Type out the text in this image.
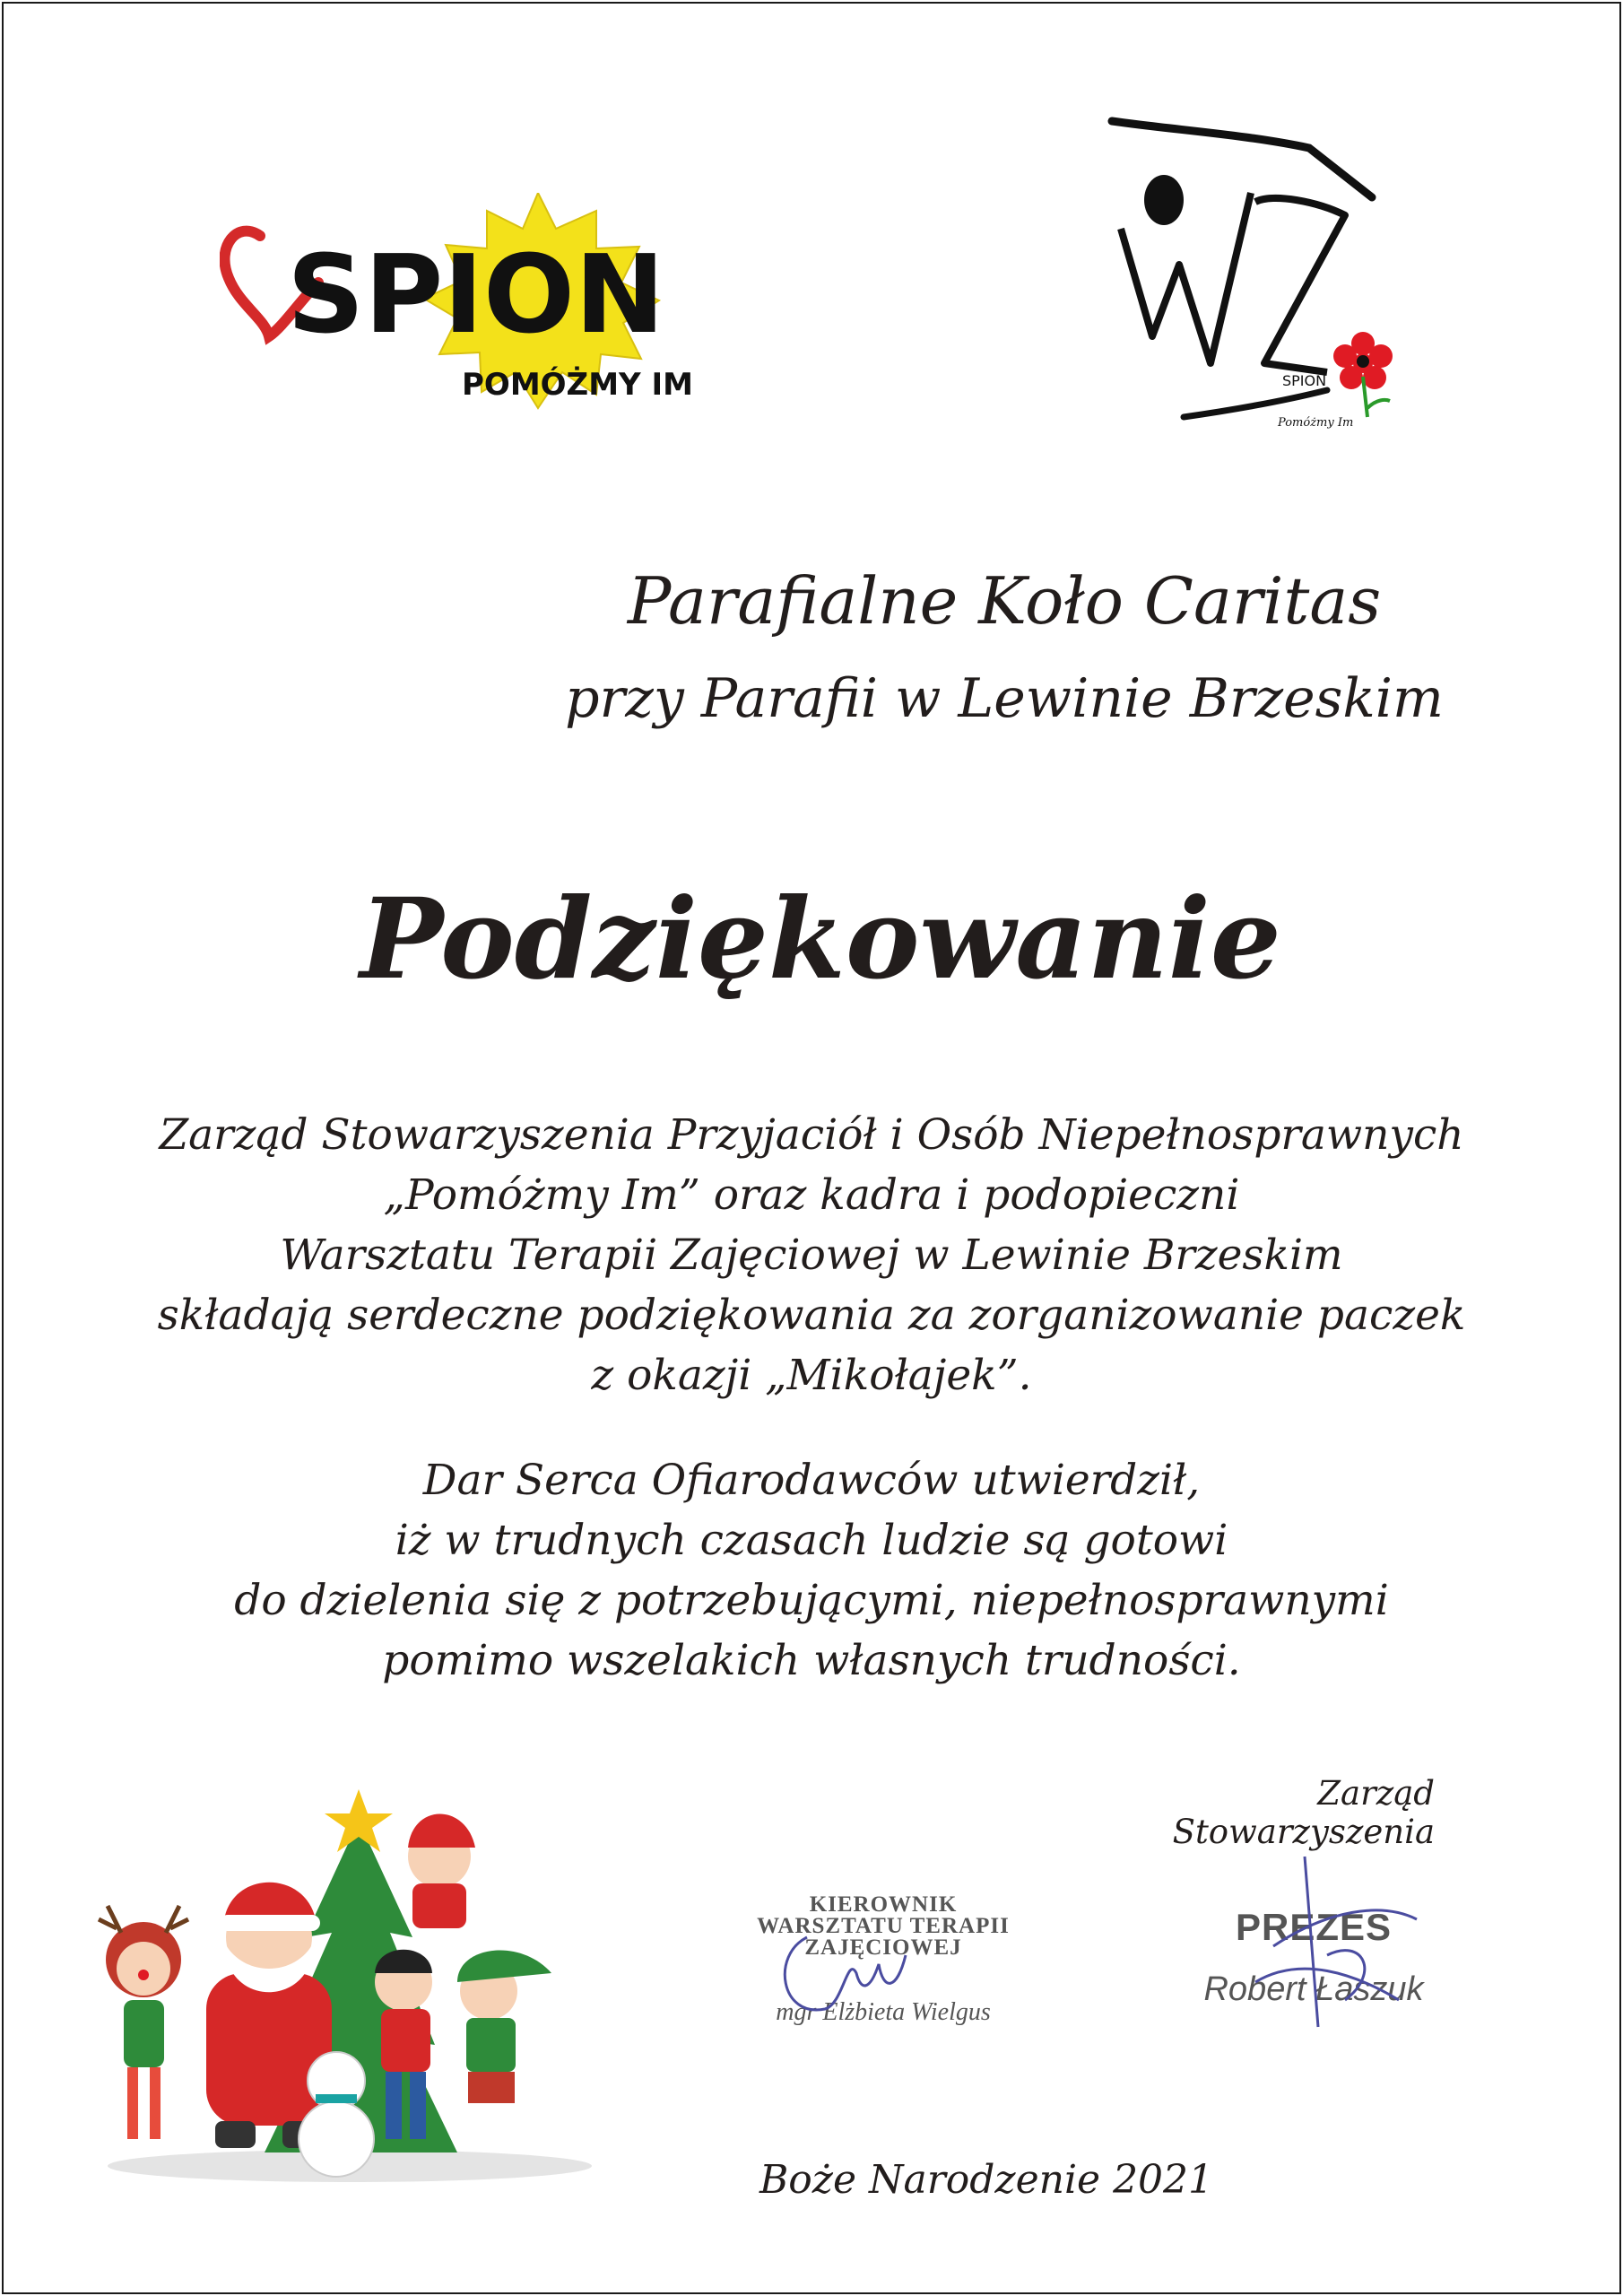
SPION
POMÓŻMY IM	SPION
Pomóżmy Im
Parafialne Koło Caritas
przy Parafii w Lewinie Brzeskim
Podziękowanie
Zarząd Stowarzyszenia Przyjaciół i Osób Niepełnosprawnych
„Pomóżmy Im” oraz kadra i podopieczni
Warsztatu Terapii Zajęciowej w Lewinie Brzeskim
składają serdeczne podziękowania za zorganizowanie paczek
z okazji „Mikołajek”.
Dar Serca Ofiarodawców utwierdził,
iż w trudnych czasach ludzie są gotowi
do dzielenia się z potrzebującymi, niepełnosprawnymi
pomimo wszelakich własnych trudności.
Zarząd Stowarzyszenia
KIEROWNIK
WARSZTATU TERAPII
ZAJĘCIOWEJ
mgr Elżbieta Wielgus
PREZES
Robert Łaszuk
Boże Narodzenie 2021
